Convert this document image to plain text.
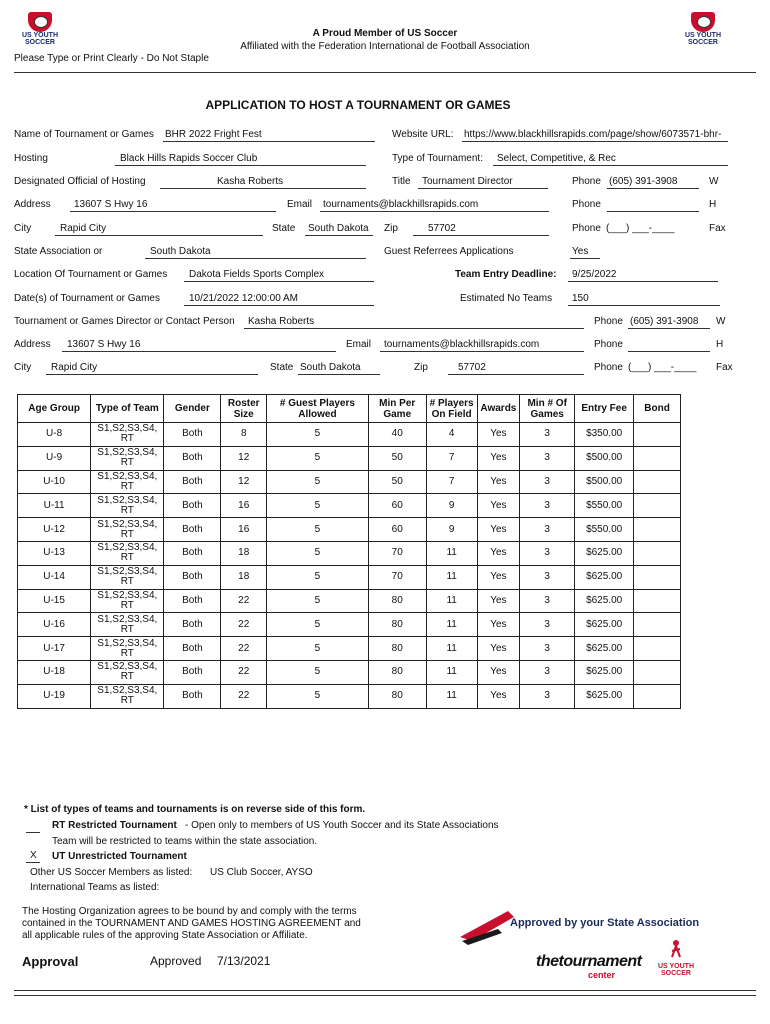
US YOUTH
SOCCER
US YOUTH
SOCCER
A Proud Member of US Soccer
Affiliated with the Federation International de Football Association
Please Type or Print Clearly - Do Not Staple
APPLICATION TO HOST A TOURNAMENT OR GAMES
Name of Tournament or Games BHR 2022 Fright Fest	Website URL: https://www.blackhillsrapids.com/page/show/6073571-bhr-
Hosting	Black Hills Rapids Soccer Club	Type of Tournament: Select, Competitive, & Rec
Designated Official of Hosting	Kasha Roberts	Title Tournament Director	Phone (605) 391-3908	W
Address 13607 S Hwy 16	Email tournaments@blackhillsrapids.com	Phone	H
City	Rapid City	State South Dakota Zip	57702	Phone (___) ___-____	Fax
State Association or	South Dakota	Guest Referrees Applications	Yes
Location Of Tournament or Games Dakota Fields Sports Complex	Team Entry Deadline: 9/25/2022
Date(s) of Tournament or Games	10/21/2022 12:00:00 AM	Estimated No Teams 150
Tournament or Games Director or Contact Person Kasha Roberts	Phone (605) 391-3908 W
Address 13607 S Hwy 16	Email tournaments@blackhillsrapids.com	Phone	H
City Rapid City	State South Dakota	Zip	57702	Phone (___) ___-____ Fax
Age Group	Type of Team	Gender	Roster Size	# Guest Players Allowed	Min Per Game	# Players On Field	Awards	Min # Of Games	Entry Fee	Bond
U-8	S1,S2,S3,S4, RT	Both	8	5	40	4	Yes	3	$350.00	
U-9	S1,S2,S3,S4, RT	Both	12	5	50	7	Yes	3	$500.00	
U-10	S1,S2,S3,S4, RT	Both	12	5	50	7	Yes	3	$500.00	
U-11	S1,S2,S3,S4, RT	Both	16	5	60	9	Yes	3	$550.00	
U-12	S1,S2,S3,S4, RT	Both	16	5	60	9	Yes	3	$550.00	
U-13	S1,S2,S3,S4, RT	Both	18	5	70	11	Yes	3	$625.00	
U-14	S1,S2,S3,S4, RT	Both	18	5	70	11	Yes	3	$625.00	
U-15	S1,S2,S3,S4, RT	Both	22	5	80	11	Yes	3	$625.00	
U-16	S1,S2,S3,S4, RT	Both	22	5	80	11	Yes	3	$625.00	
U-17	S1,S2,S3,S4, RT	Both	22	5	80	11	Yes	3	$625.00	
U-18	S1,S2,S3,S4, RT	Both	22	5	80	11	Yes	3	$625.00	
U-19	S1,S2,S3,S4, RT	Both	22	5	80	11	Yes	3	$625.00	
* List of types of teams and tournaments is on reverse side of this form.
RT Restricted Tournament - Open only to members of US Youth Soccer and its State Associations
Team will be restricted to teams within the state association.
X UT Unrestricted Tournament
Other US Soccer Members as listed: US Club Soccer, AYSO
International Teams as listed:
The Hosting Organization agrees to be bound by and comply with the terms
contained in the TOURNAMENT AND GAMES HOSTING AGREEMENT and
all applicable rules of the approving State Association or Affiliate.
Approval	Approved 7/13/2021
Approved by your State Association
thetournament
center
US YOUTH
SOCCER
